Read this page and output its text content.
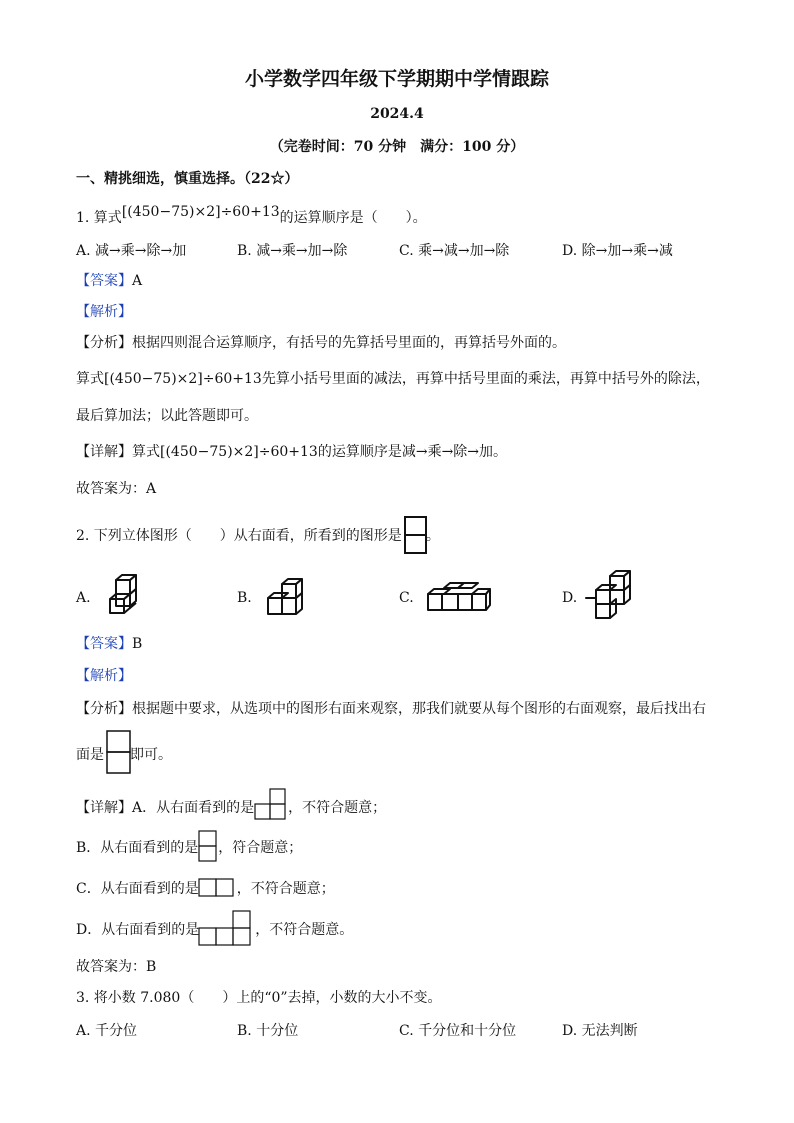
小学数学四年级下学期期中学情跟踪
2024.4
（完卷时间：70 分钟　满分：100 分）
一、精挑细选，慎重选择。（22☆）
1. 算式[(450−75)×2]÷60+13的运算顺序是（　　）。
A. 减→乘→除→加	B. 减→乘→加→除	C. 乘→减→加→除	D. 除→加→乘→减
【答案】A
【解析】
【分析】根据四则混合运算顺序，有括号的先算括号里面的，再算括号外面的。
算式[(450−75)×2]÷60+13先算小括号里面的减法，再算中括号里面的乘法，再算中括号外的除法，
最后算加法；以此答题即可。
【详解】算式[(450−75)×2]÷60+13的运算顺序是减→乘→除→加。
故答案为：A
2. 下列立体图形（　　）从右面看，所看到的图形是 。
A.	B.	C.	D.
【答案】B
【解析】
【分析】根据题中要求，从选项中的图形右面来观察，那我们就要从每个图形的右面观察，最后找出右
面是 即可。
【详解】A．从右面看到的是 ，不符合题意；
B．从右面看到的是 ，符合题意；
C．从右面看到的是	，不符合题意；
D．从右面看到的是	，不符合题意。
故答案为：B
3. 将小数 7.080（　　）上的“0”去掉，小数的大小不变。
A. 千分位	B. 十分位	C. 千分位和十分位	D. 无法判断
